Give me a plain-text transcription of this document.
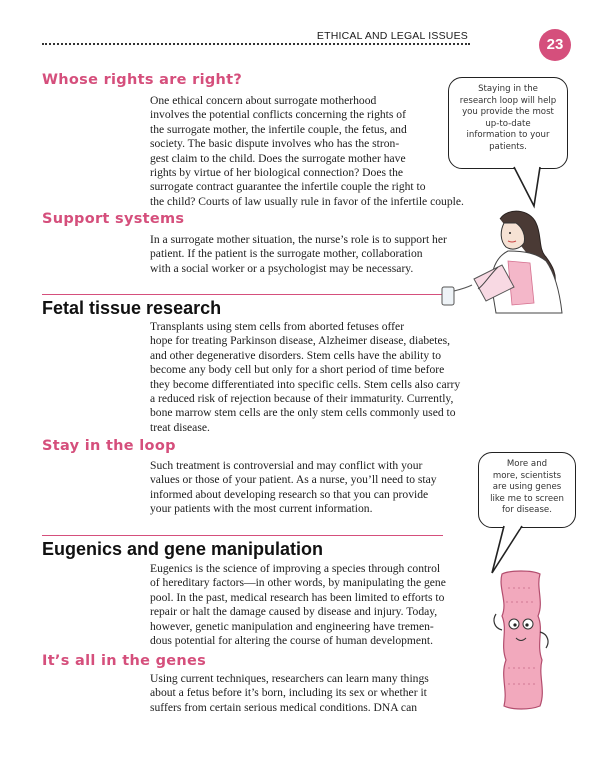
ETHICAL AND LEGAL ISSUES	23
Whose rights are right?

One ethical concern about surrogate motherhood
involves the potential conflicts concerning the rights of
the surrogate mother, the infertile couple, the fetus, and
society. The basic dispute involves who has the stron-
gest claim to the child. Does the surrogate mother have
rights by virtue of her biological connection? Does the
surrogate contract guarantee the infertile couple the right to
the child? Courts of law usually rule in favor of the infertile couple.

Support systems

In a surrogate mother situation, the nurse’s role is to support her
patient. If the patient is the surrogate mother, collaboration
with a social worker or a psychologist may be necessary.

Fetal tissue research

Transplants using stem cells from aborted fetuses offer
hope for treating Parkinson disease, Alzheimer disease, diabetes,
and other degenerative disorders. Stem cells have the ability to
become any body cell but only for a short period of time before
they become differentiated into specific cells. Stem cells also carry
a reduced risk of rejection because of their immaturity. Currently,
bone marrow stem cells are the only stem cells commonly used to
treat disease.

Stay in the loop

Such treatment is controversial and may conflict with your
values or those of your patient. As a nurse, you’ll need to stay
informed about developing research so that you can provide
your patients with the most current information.

Eugenics and gene manipulation

Eugenics is the science of improving a species through control
of hereditary factors—in other words, by manipulating the gene
pool. In the past, medical research has been limited to efforts to
repair or halt the damage caused by disease and injury. Today,
however, genetic manipulation and engineering have tremen-
dous potential for altering the course of human development.

It’s all in the genes

Using current techniques, researchers can learn many things
about a fetus before it’s born, including its sex or whether it
suffers from certain serious medical conditions. DNA can

Staying in the
research loop will help
you provide the most
up-to-date
information to your
patients.
More and
more, scientists
are using genes
like me to screen
for disease.
